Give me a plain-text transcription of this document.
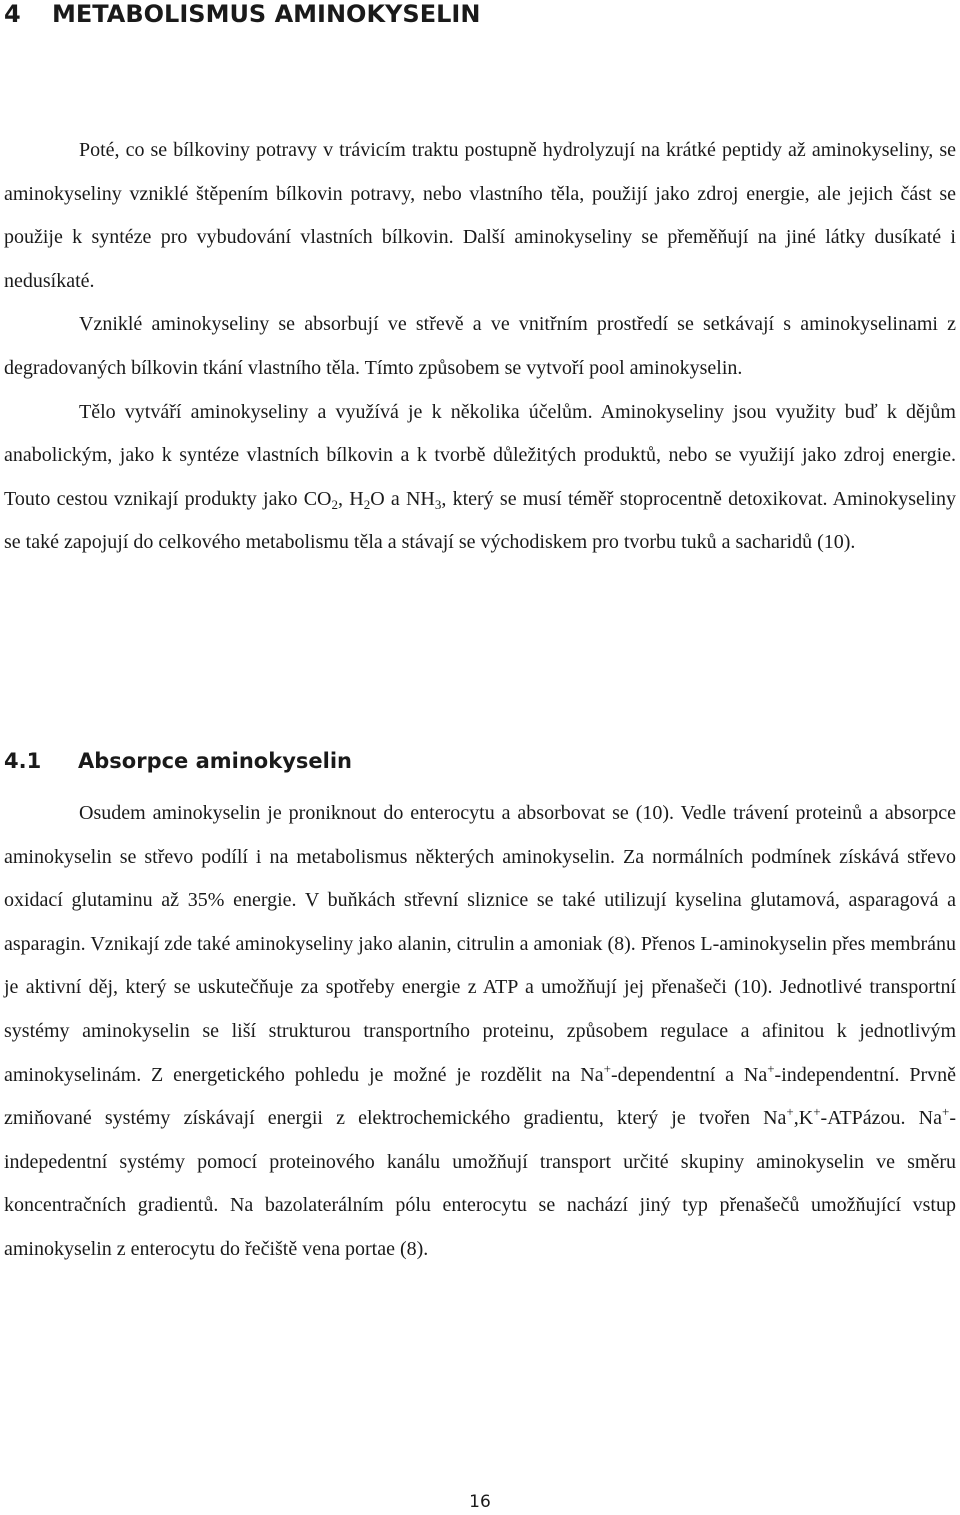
4 METABOLISMUS AMINOKYSELIN

Poté, co se bílkoviny potravy v trávicím traktu postupně hydrolyzují na krátké peptidy až aminokyseliny, se aminokyseliny vzniklé štěpením bílkovin potravy, nebo vlastního těla, použijí jako zdroj energie, ale jejich část se použije k syntéze pro vybudování vlastních bílkovin. Další aminokyseliny se přeměňují na jiné látky dusíkaté i nedusíkaté.

Vzniklé aminokyseliny se absorbují ve střevě a ve vnitřním prostředí se setkávají s aminokyselinami z degradovaných bílkovin tkání vlastního těla. Tímto způsobem se vytvoří pool aminokyselin.

Tělo vytváří aminokyseliny a využívá je k několika účelům. Aminokyseliny jsou využity buď k dějům anabolickým, jako k syntéze vlastních bílkovin a k tvorbě důležitých produktů, nebo se využijí jako zdroj energie. Touto cestou vznikají produkty jako $CO_2$, $H_2O$ a $NH_3$, který se musí téměř stoprocentně detoxikovat. Aminokyseliny se také zapojují do celkového metabolismu těla a stávají se východiskem pro tvorbu tuků a sacharidů (10).

4.1 Absorpce aminokyselin

Osudem aminokyselin je proniknout do enterocytu a absorbovat se (10). Vedle trávení proteinů a absorpce aminokyselin se střevo podílí i na metabolismus některých aminokyselin. Za normálních podmínek získává střevo oxidací glutaminu až 35% energie. V buňkách střevní sliznice se také utilizují kyselina glutamová, asparagová a asparagin. Vznikají zde také aminokyseliny jako alanin, citrulin a amoniak (8). Přenos L-aminokyselin přes membránu je aktivní děj, který se uskutečňuje za spotřeby energie z ATP a umožňují jej přenašeči (10). Jednotlivé transportní systémy aminokyselin se liší strukturou transportního proteinu, způsobem regulace a afinitou k jednotlivým aminokyselinám. Z energetického pohledu je možné je rozdělit na Na+-dependentní a Na+-independentní. Prvně zmiňované systémy získávají energii z elektrochemického gradientu, který je tvořen Na+,K+-ATPázou. Na+-indepedentní systémy pomocí proteinového kanálu umožňují transport určité skupiny aminokyselin ve směru koncentračních gradientů. Na bazolaterálním pólu enterocytu se nachází jiný typ přenašečů umožňující vstup aminokyselin z enterocytu do řečiště vena portae (8).

16
